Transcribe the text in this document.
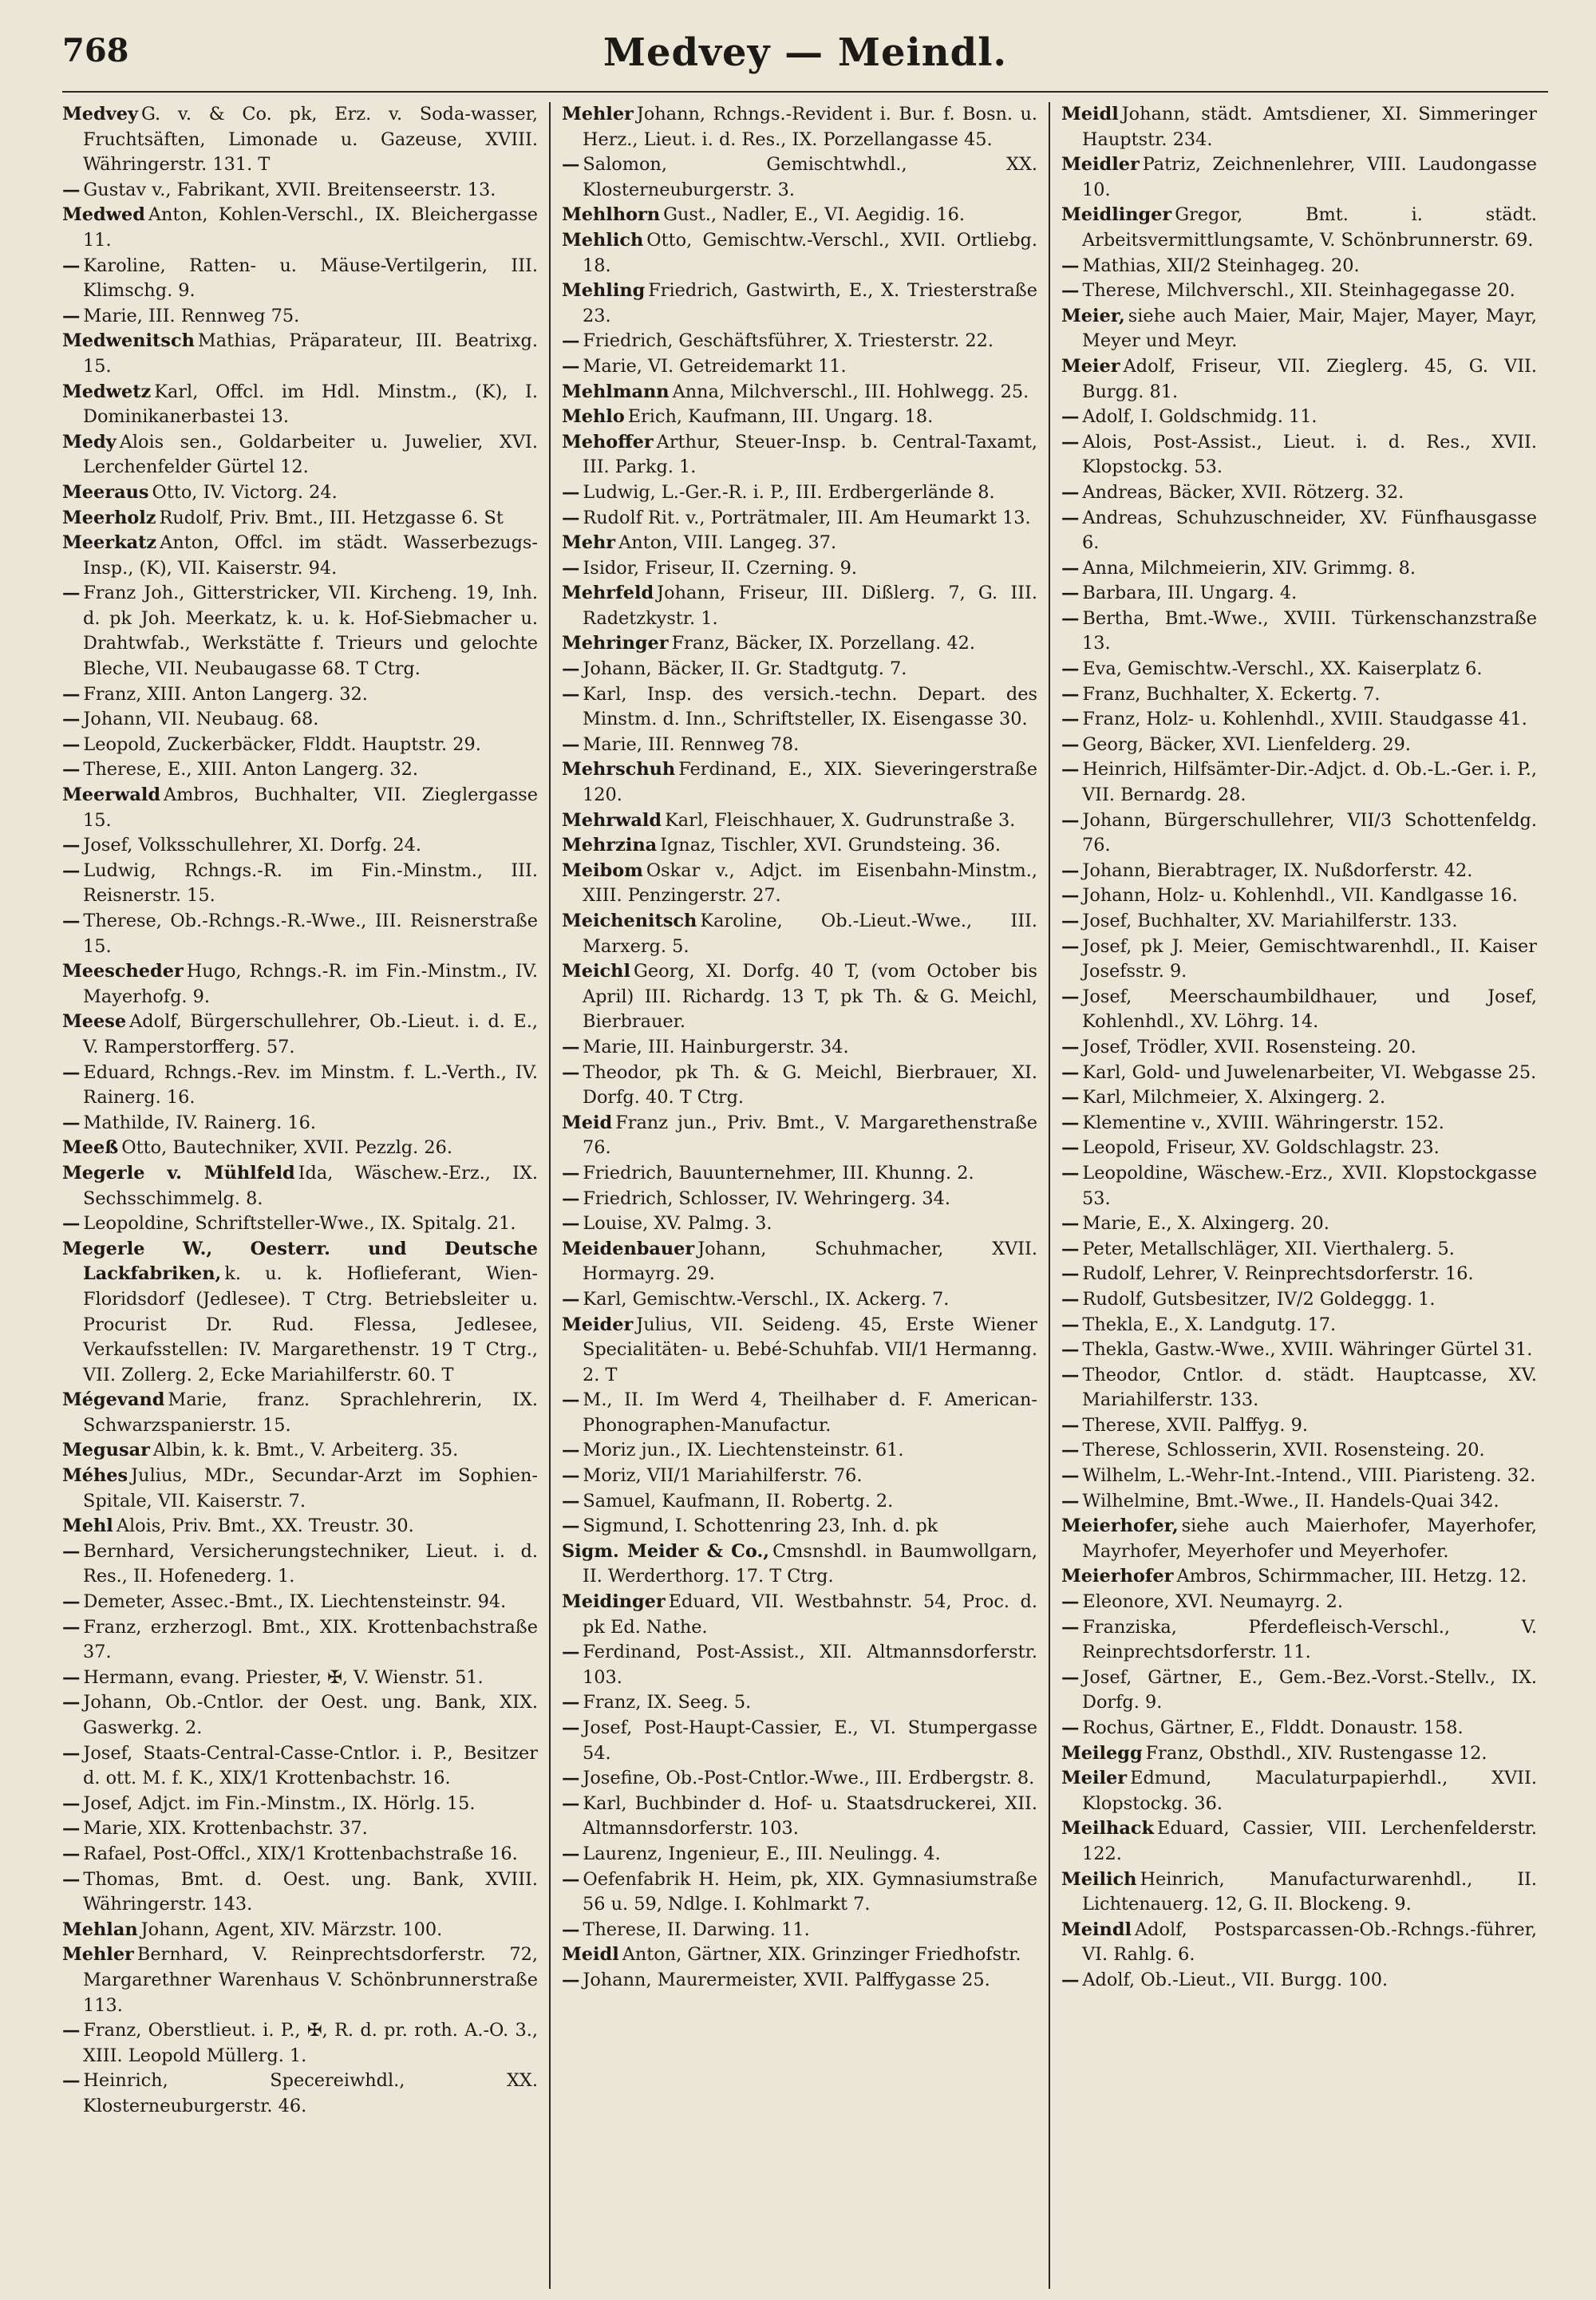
768	Medvey — Meindl.
Medvey G. v. & Co. pk, Erz. v. Soda-wasser, Fruchtsäften, Limonade u. Gazeuse, XVIII. Währingerstr. 131. T
— Gustav v., Fabrikant, XVII. Breitenseerstr. 13.
Medwed Anton, Kohlen-Verschl., IX. Bleichergasse 11.
— Karoline, Ratten- u. Mäuse-Vertilgerin, III. Klimschg. 9.
— Marie, III. Rennweg 75.
Medwenitsch Mathias, Präparateur, III. Beatrixg. 15.
Medwetz Karl, Offcl. im Hdl. Minstm., (K), I. Dominikanerbastei 13.
Medy Alois sen., Goldarbeiter u. Juwelier, XVI. Lerchenfelder Gürtel 12.
Meeraus Otto, IV. Victorg. 24.
Meerholz Rudolf, Priv. Bmt., III. Hetzgasse 6. St
Meerkatz Anton, Offcl. im städt. Wasserbezugs-Insp., (K), VII. Kaiserstr. 94.
— Franz Joh., Gitterstricker, VII. Kircheng. 19, Inh. d. pk Joh. Meerkatz, k. u. k. Hof-Siebmacher u. Drahtwfab., Werkstätte f. Trieurs und gelochte Bleche, VII. Neubaugasse 68. T Ctrg.
— Franz, XIII. Anton Langerg. 32.
— Johann, VII. Neubaug. 68.
— Leopold, Zuckerbäcker, Flddt. Hauptstr. 29.
— Therese, E., XIII. Anton Langerg. 32.
Meerwald Ambros, Buchhalter, VII. Zieglergasse 15.
— Josef, Volksschullehrer, XI. Dorfg. 24.
— Ludwig, Rchngs.-R. im Fin.-Minstm., III. Reisnerstr. 15.
— Therese, Ob.-Rchngs.-R.-Wwe., III. Reisnerstraße 15.
Meescheder Hugo, Rchngs.-R. im Fin.-Minstm., IV. Mayerhofg. 9.
Meese Adolf, Bürgerschullehrer, Ob.-Lieut. i. d. E., V. Ramperstorfferg. 57.
— Eduard, Rchngs.-Rev. im Minstm. f. L.-Verth., IV. Rainerg. 16.
— Mathilde, IV. Rainerg. 16.
Meeß Otto, Bautechniker, XVII. Pezzlg. 26.
Megerle v. Mühlfeld Ida, Wäschew.-Erz., IX. Sechsschimmelg. 8.
— Leopoldine, Schriftsteller-Wwe., IX. Spitalg. 21.
Megerle W., Oesterr. und Deutsche Lackfabriken, k. u. k. Hoflieferant, Wien-Floridsdorf (Jedlesee). T Ctrg. Betriebsleiter u. Procurist Dr. Rud. Flessa, Jedlesee, Verkaufsstellen: IV. Margarethenstr. 19 T Ctrg., VII. Zollerg. 2, Ecke Mariahilferstr. 60. T
Mégevand Marie, franz. Sprachlehrerin, IX. Schwarzspanierstr. 15.
Megusar Albin, k. k. Bmt., V. Arbeiterg. 35.
Méhes Julius, MDr., Secundar-Arzt im Sophien-Spitale, VII. Kaiserstr. 7.
Mehl Alois, Priv. Bmt., XX. Treustr. 30.
— Bernhard, Versicherungstechniker, Lieut. i. d. Res., II. Hofenederg. 1.
— Demeter, Assec.-Bmt., IX. Liechtensteinstr. 94.
— Franz, erzherzogl. Bmt., XIX. Krottenbachstraße 37.
— Hermann, evang. Priester, ✠, V. Wienstr. 51.
— Johann, Ob.-Cntlor. der Oest. ung. Bank, XIX. Gaswerkg. 2.
— Josef, Staats-Central-Casse-Cntlor. i. P., Besitzer d. ott. M. f. K., XIX/1 Krottenbachstr. 16.
— Josef, Adjct. im Fin.-Minstm., IX. Hörlg. 15.
— Marie, XIX. Krottenbachstr. 37.
— Rafael, Post-Offcl., XIX/1 Krottenbachstraße 16.
— Thomas, Bmt. d. Oest. ung. Bank, XVIII. Währingerstr. 143.
Mehlan Johann, Agent, XIV. Märzstr. 100.
Mehler Bernhard, V. Reinprechtsdorferstr. 72, Margarethner Warenhaus V. Schönbrunnerstraße 113.
— Franz, Oberstlieut. i. P., ✠, R. d. pr. roth. A.-O. 3., XIII. Leopold Müllerg. 1.
— Heinrich, Specereiwhdl., XX. Klosterneuburgerstr. 46.
Mehler Johann, Rchngs.-Revident i. Bur. f. Bosn. u. Herz., Lieut. i. d. Res., IX. Porzellangasse 45.
— Salomon, Gemischtwhdl., XX. Klosterneuburgerstr. 3.
Mehlhorn Gust., Nadler, E., VI. Aegidig. 16.
Mehlich Otto, Gemischtw.-Verschl., XVII. Ortliebg. 18.
Mehling Friedrich, Gastwirth, E., X. Triesterstraße 23.
— Friedrich, Geschäftsführer, X. Triesterstr. 22.
— Marie, VI. Getreidemarkt 11.
Mehlmann Anna, Milchverschl., III. Hohlwegg. 25.
Mehlo Erich, Kaufmann, III. Ungarg. 18.
Mehoffer Arthur, Steuer-Insp. b. Central-Taxamt, III. Parkg. 1.
— Ludwig, L.-Ger.-R. i. P., III. Erdbergerlände 8.
— Rudolf Rit. v., Porträtmaler, III. Am Heumarkt 13.
Mehr Anton, VIII. Langeg. 37.
— Isidor, Friseur, II. Czerning. 9.
Mehrfeld Johann, Friseur, III. Dißlerg. 7, G. III. Radetzkystr. 1.
Mehringer Franz, Bäcker, IX. Porzellang. 42.
— Johann, Bäcker, II. Gr. Stadtgutg. 7.
— Karl, Insp. des versich.-techn. Depart. des Minstm. d. Inn., Schriftsteller, IX. Eisengasse 30.
— Marie, III. Rennweg 78.
Mehrschuh Ferdinand, E., XIX. Sieveringerstraße 120.
Mehrwald Karl, Fleischhauer, X. Gudrunstraße 3.
Mehrzina Ignaz, Tischler, XVI. Grundsteing. 36.
Meibom Oskar v., Adjct. im Eisenbahn-Minstm., XIII. Penzingerstr. 27.
Meichenitsch Karoline, Ob.-Lieut.-Wwe., III. Marxerg. 5.
Meichl Georg, XI. Dorfg. 40 T, (vom October bis April) III. Richardg. 13 T, pk Th. & G. Meichl, Bierbrauer.
— Marie, III. Hainburgerstr. 34.
— Theodor, pk Th. & G. Meichl, Bierbrauer, XI. Dorfg. 40. T Ctrg.
Meid Franz jun., Priv. Bmt., V. Margarethenstraße 76.
— Friedrich, Bauunternehmer, III. Khunng. 2.
— Friedrich, Schlosser, IV. Wehringerg. 34.
— Louise, XV. Palmg. 3.
Meidenbauer Johann, Schuhmacher, XVII. Hormayrg. 29.
— Karl, Gemischtw.-Verschl., IX. Ackerg. 7.
Meider Julius, VII. Seideng. 45, Erste Wiener Specialitäten- u. Bebé-Schuhfab. VII/1 Hermanng. 2. T
— M., II. Im Werd 4, Theilhaber d. F. American-Phonographen-Manufactur.
— Moriz jun., IX. Liechtensteinstr. 61.
— Moriz, VII/1 Mariahilferstr. 76.
— Samuel, Kaufmann, II. Robertg. 2.
— Sigmund, I. Schottenring 23, Inh. d. pk
Sigm. Meider & Co., Cmsnshdl. in Baumwollgarn, II. Werderthorg. 17. T Ctrg.
Meidinger Eduard, VII. Westbahnstr. 54, Proc. d. pk Ed. Nathe.
— Ferdinand, Post-Assist., XII. Altmannsdorferstr. 103.
— Franz, IX. Seeg. 5.
— Josef, Post-Haupt-Cassier, E., VI. Stumpergasse 54.
— Josefine, Ob.-Post-Cntlor.-Wwe., III. Erdbergstr. 8.
— Karl, Buchbinder d. Hof- u. Staatsdruckerei, XII. Altmannsdorferstr. 103.
— Laurenz, Ingenieur, E., III. Neulingg. 4.
— Oefenfabrik H. Heim, pk, XIX. Gymnasiumstraße 56 u. 59, Ndlge. I. Kohlmarkt 7.
— Therese, II. Darwing. 11.
Meidl Anton, Gärtner, XIX. Grinzinger Friedhofstr.
— Johann, Maurermeister, XVII. Palffygasse 25.
Meidl Johann, städt. Amtsdiener, XI. Simmeringer Hauptstr. 234.
Meidler Patriz, Zeichnenlehrer, VIII. Laudongasse 10.
Meidlinger Gregor, Bmt. i. städt. Arbeitsvermittlungsamte, V. Schönbrunnerstr. 69.
— Mathias, XII/2 Steinhageg. 20.
— Therese, Milchverschl., XII. Steinhagegasse 20.
Meier, siehe auch Maier, Mair, Majer, Mayer, Mayr, Meyer und Meyr.
Meier Adolf, Friseur, VII. Zieglerg. 45, G. VII. Burgg. 81.
— Adolf, I. Goldschmidg. 11.
— Alois, Post-Assist., Lieut. i. d. Res., XVII. Klopstockg. 53.
— Andreas, Bäcker, XVII. Rötzerg. 32.
— Andreas, Schuhzuschneider, XV. Fünfhausgasse 6.
— Anna, Milchmeierin, XIV. Grimmg. 8.
— Barbara, III. Ungarg. 4.
— Bertha, Bmt.-Wwe., XVIII. Türkenschanzstraße 13.
— Eva, Gemischtw.-Verschl., XX. Kaiserplatz 6.
— Franz, Buchhalter, X. Eckertg. 7.
— Franz, Holz- u. Kohlenhdl., XVIII. Staudgasse 41.
— Georg, Bäcker, XVI. Lienfelderg. 29.
— Heinrich, Hilfsämter-Dir.-Adjct. d. Ob.-L.-Ger. i. P., VII. Bernardg. 28.
— Johann, Bürgerschullehrer, VII/3 Schottenfeldg. 76.
— Johann, Bierabtrager, IX. Nußdorferstr. 42.
— Johann, Holz- u. Kohlenhdl., VII. Kandlgasse 16.
— Josef, Buchhalter, XV. Mariahilferstr. 133.
— Josef, pk J. Meier, Gemischtwarenhdl., II. Kaiser Josefsstr. 9.
— Josef, Meerschaumbildhauer, und Josef, Kohlenhdl., XV. Löhrg. 14.
— Josef, Trödler, XVII. Rosensteing. 20.
— Karl, Gold- und Juwelenarbeiter, VI. Webgasse 25.
— Karl, Milchmeier, X. Alxingerg. 2.
— Klementine v., XVIII. Währingerstr. 152.
— Leopold, Friseur, XV. Goldschlagstr. 23.
— Leopoldine, Wäschew.-Erz., XVII. Klopstockgasse 53.
— Marie, E., X. Alxingerg. 20.
— Peter, Metallschläger, XII. Vierthalerg. 5.
— Rudolf, Lehrer, V. Reinprechtsdorferstr. 16.
— Rudolf, Gutsbesitzer, IV/2 Goldeggg. 1.
— Thekla, E., X. Landgutg. 17.
— Thekla, Gastw.-Wwe., XVIII. Währinger Gürtel 31.
— Theodor, Cntlor. d. städt. Hauptcasse, XV. Mariahilferstr. 133.
— Therese, XVII. Palffyg. 9.
— Therese, Schlosserin, XVII. Rosensteing. 20.
— Wilhelm, L.-Wehr-Int.-Intend., VIII. Piaristeng. 32.
— Wilhelmine, Bmt.-Wwe., II. Handels-Quai 342.
Meierhofer, siehe auch Maierhofer, Mayerhofer, Mayrhofer, Meyerhofer und Meyerhofer.
Meierhofer Ambros, Schirmmacher, III. Hetzg. 12.
— Eleonore, XVI. Neumayrg. 2.
— Franziska, Pferdefleisch-Verschl., V. Reinprechtsdorferstr. 11.
— Josef, Gärtner, E., Gem.-Bez.-Vorst.-Stellv., IX. Dorfg. 9.
— Rochus, Gärtner, E., Flddt. Donaustr. 158.
Meilegg Franz, Obsthdl., XIV. Rustengasse 12.
Meiler Edmund, Maculaturpapierhdl., XVII. Klopstockg. 36.
Meilhack Eduard, Cassier, VIII. Lerchenfelderstr. 122.
Meilich Heinrich, Manufacturwarenhdl., II. Lichtenauerg. 12, G. II. Blockeng. 9.
Meindl Adolf, Postsparcassen-Ob.-Rchngs.-führer, VI. Rahlg. 6.
— Adolf, Ob.-Lieut., VII. Burgg. 100.
